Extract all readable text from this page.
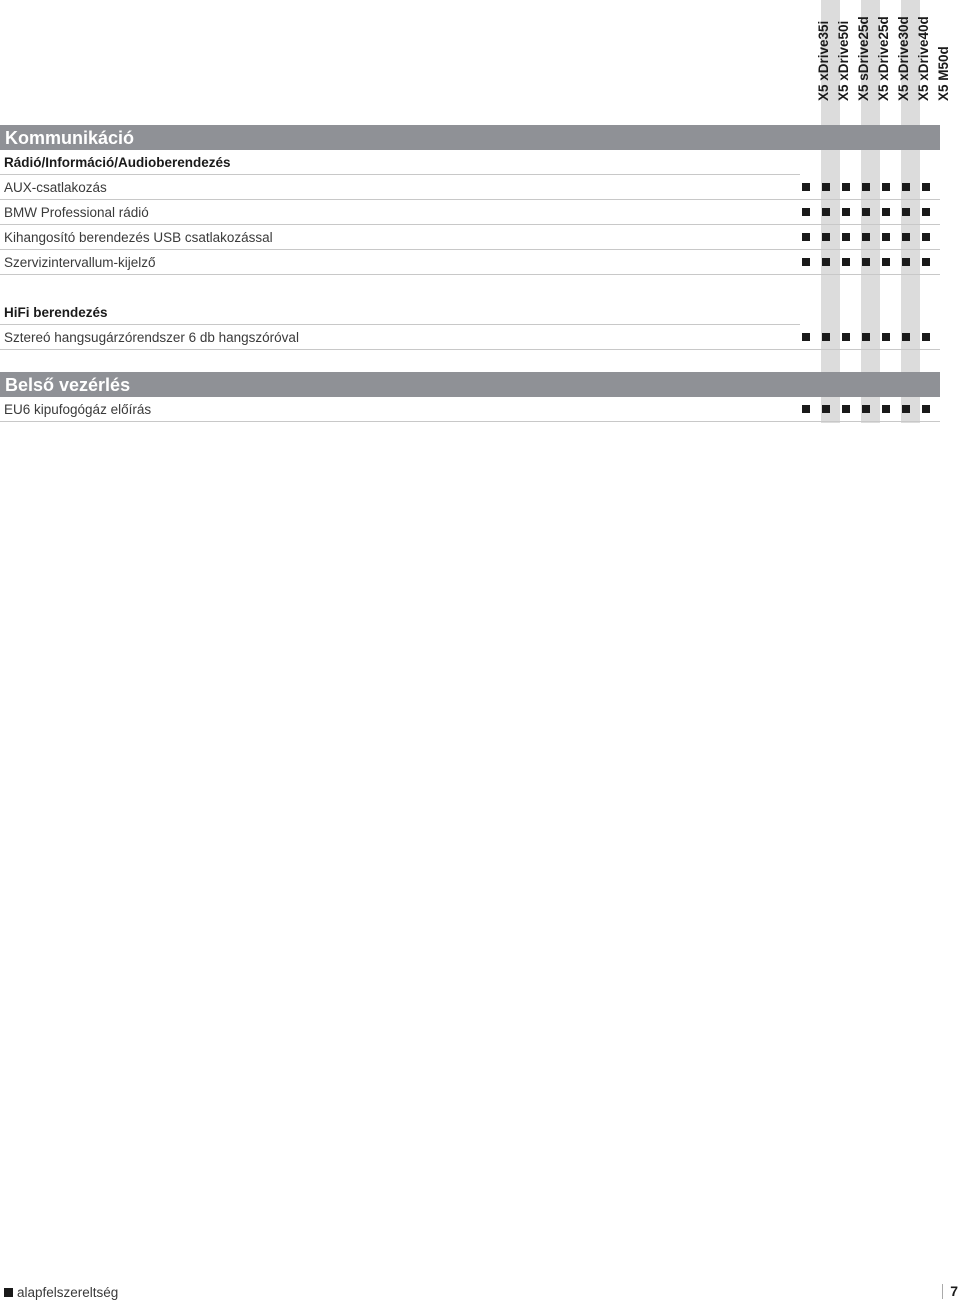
X5 xDrive35i X5 xDrive50i X5 sDrive25d X5 xDrive25d X5 xDrive30d X5 xDrive40d X5 M50d
Kommunikáció
Rádió/Információ/Audioberendezés
AUX-csatlakozás
BMW Professional rádió
Kihangosító berendezés USB csatlakozással
Szervizintervallum-kijelző
HiFi berendezés
Sztereó hangsugárzórendszer 6 db hangszóróval
Belső vezérlés
EU6 kipufogógáz előírás
alapfelszereltség	7
